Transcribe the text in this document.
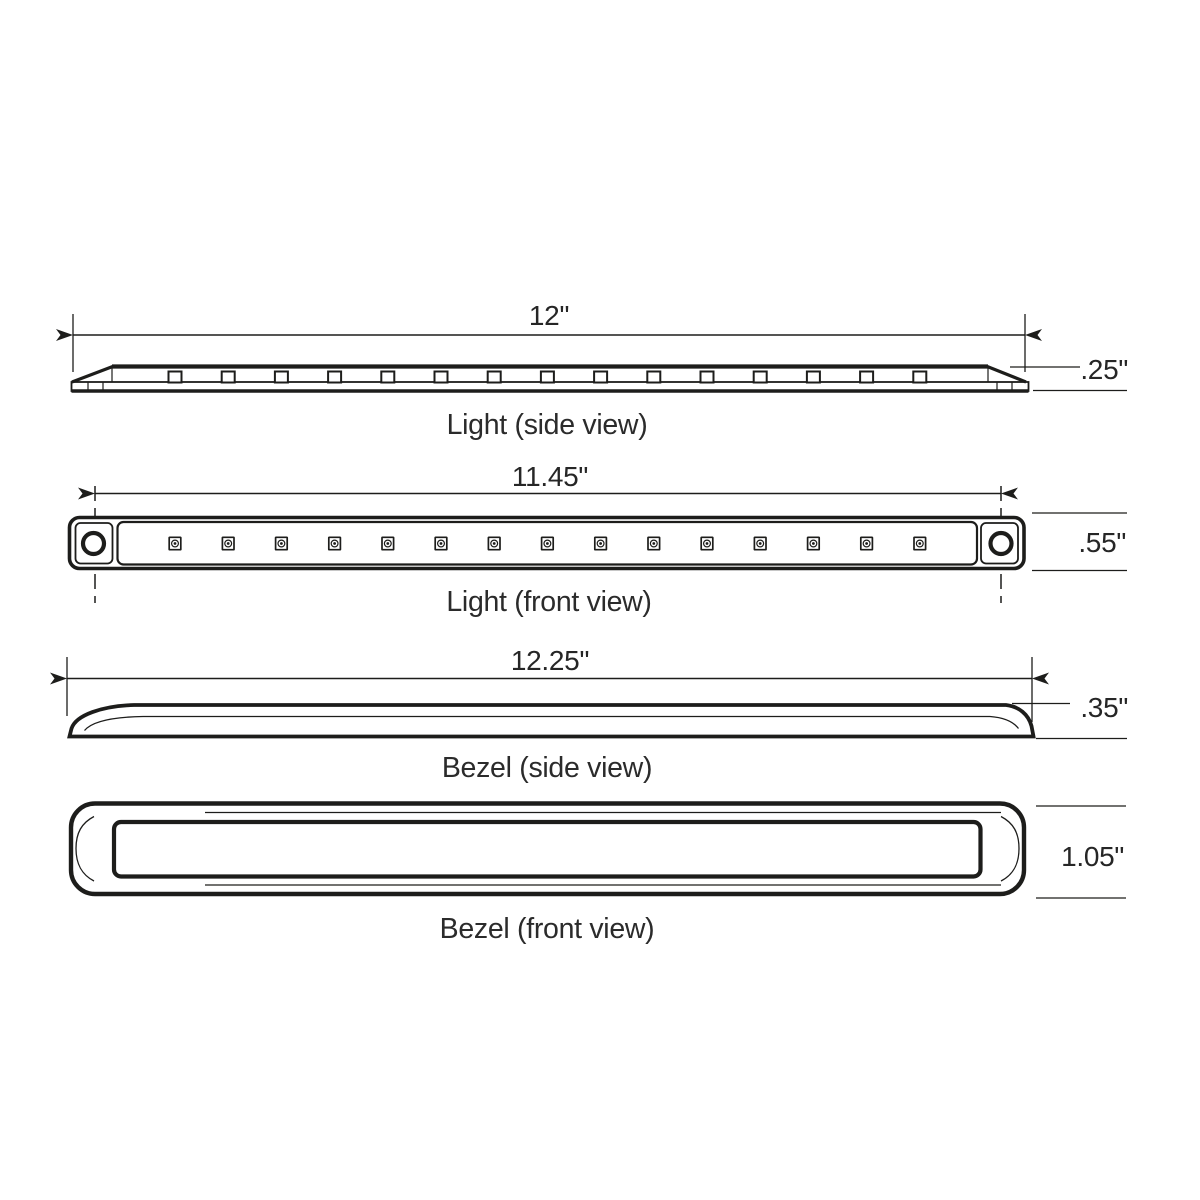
12"
.25"
Light (side view)
11.45"
.55"
Light (front view)
12.25"
.35"
Bezel (side view)
1.05"
Bezel (front view)
